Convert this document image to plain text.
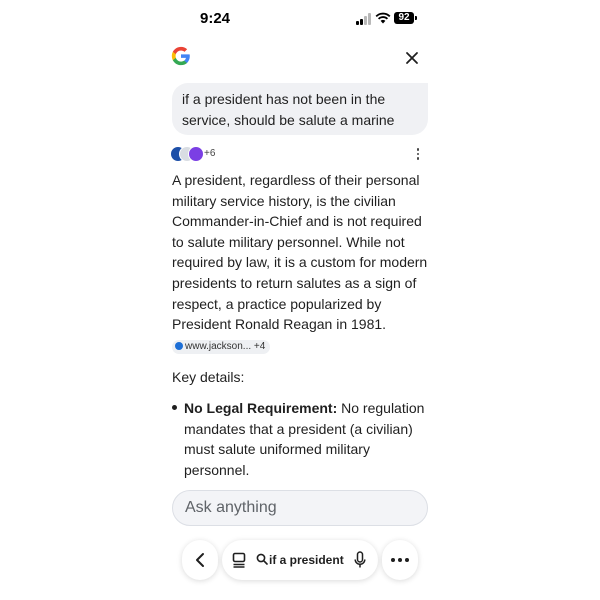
9:24	92
if a president has not been in the service, should be salute a marine
+6

A president, regardless of their personal military service history, is the civilian Commander-in-Chief and is not required to salute military personnel. While not required by law, it is a custom for modern presidents to return salutes as a sign of respect, a practice popularized by President Ronald Reagan in 1981. www.jackson... +4

Key details:

No Legal Requirement: No regulation mandates that a president (a civilian) must salute uniformed military personnel.
Ask anything
if a president
